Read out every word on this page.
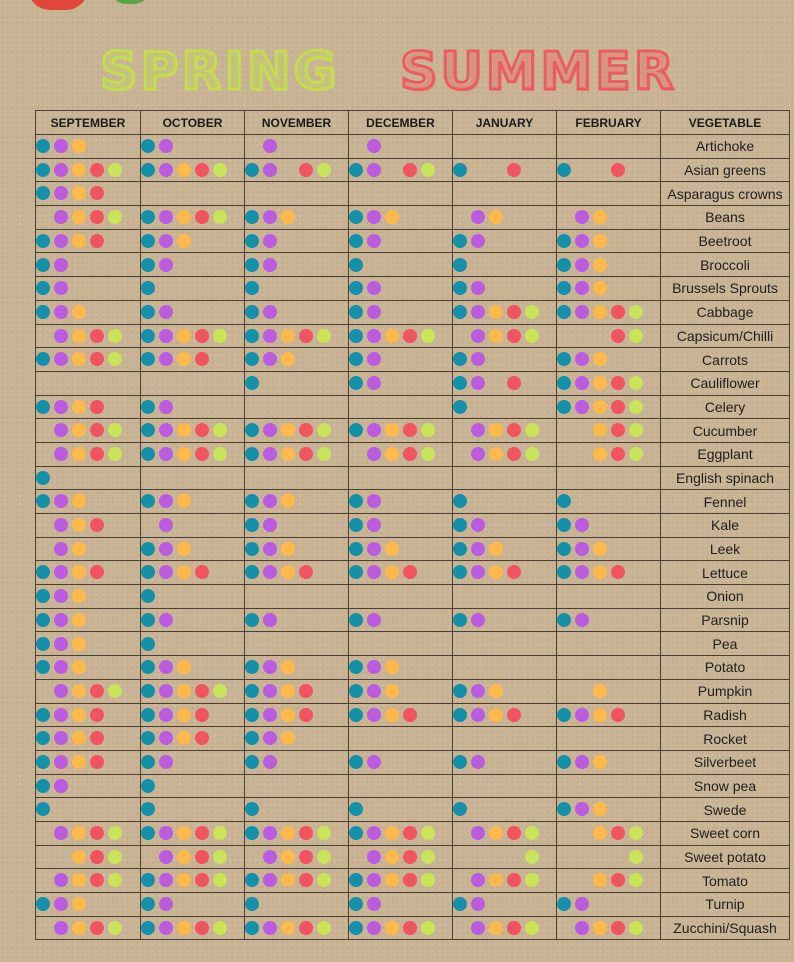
SPRING SUMMER
SEPTEMBER	OCTOBER	NOVEMBER	DECEMBER	JANUARY	FEBRUARY	VEGETABLE
						Artichoke
						Asian greens
						Asparagus crowns
						Beans
						Beetroot
						Broccoli
						Brussels Sprouts
						Cabbage
						Capsicum/Chilli
						Carrots
						Cauliflower
						Celery
						Cucumber
						Eggplant
						English spinach
						Fennel
						Kale
						Leek
						Lettuce
						Onion
						Parsnip
						Pea
						Potato
						Pumpkin
						Radish
						Rocket
						Silverbeet
						Snow pea
						Swede
						Sweet corn
						Sweet potato
						Tomato
						Turnip
						Zucchini/Squash
